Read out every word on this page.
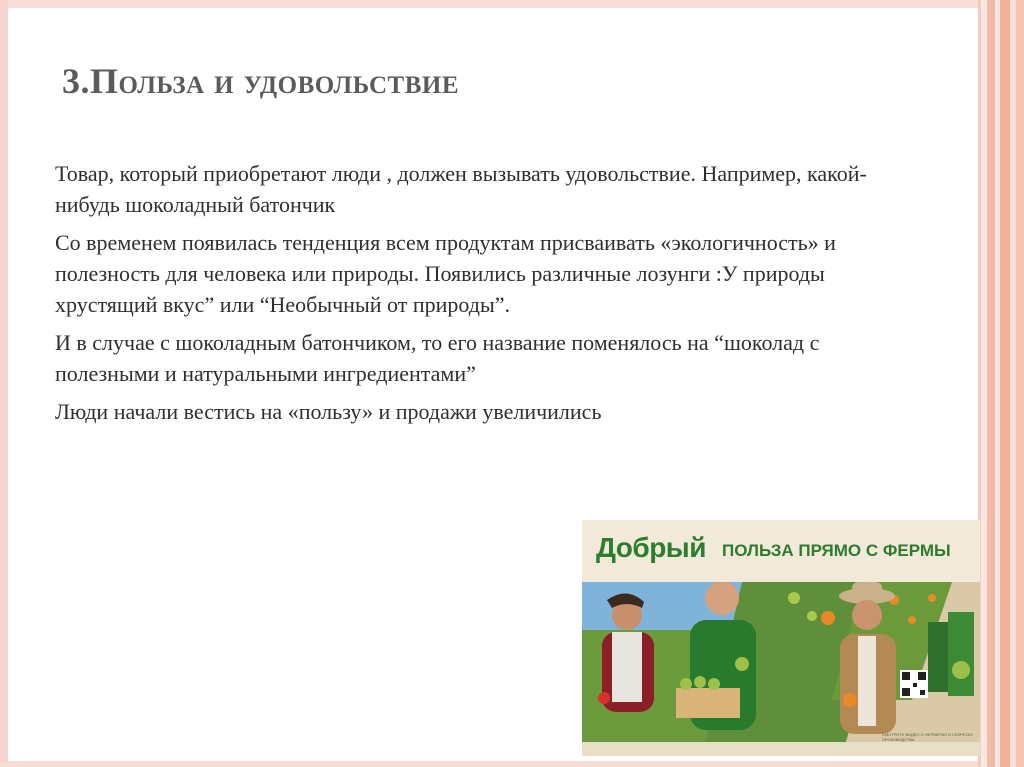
3.Польза и удовольствие

Товар, который приобретают люди , должен вызывать удовольствие. Например, какой-нибудь шоколадный батончик

Со временем появилась тенденция всем продуктам присваивать «экологичность» и полезность для человека или природы. Появились различные лозунги :У природы хрустящий вкус” или “Необычный от природы”.

И в случае с шоколадным батончиком, то его название поменялось на “шоколад с полезными и натуральными ингредиентами”

Люди начали вестись на «пользу» и продажи увеличились

Добрый ПОЛЬЗА ПРЯМО С ФЕРМЫ
СМОТРИТЕ ВИДЕО О ФЕРМЕРАХ И СЕКРЕТАХ ПРОИЗВОДСТВА
